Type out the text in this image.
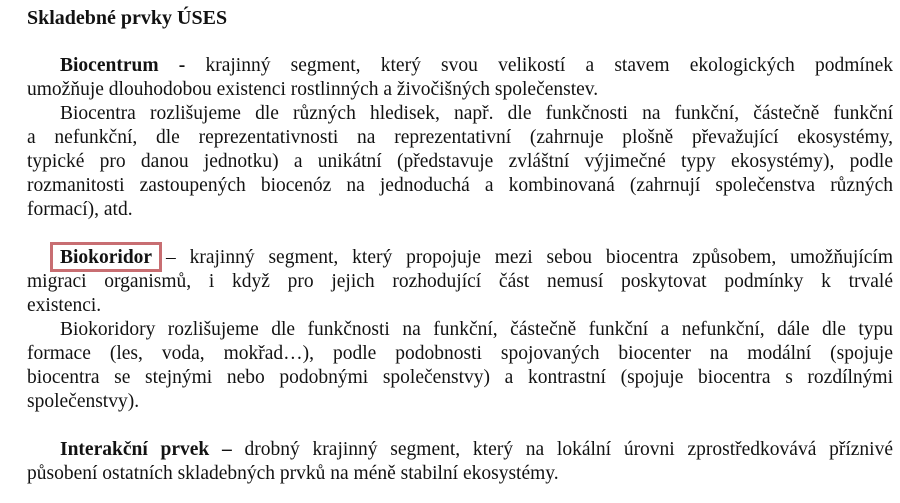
Skladebné prvky ÚSES
Biocentrum - krajinný segment, který svou velikostí a stavem ekologických podmínek
umožňuje dlouhodobou existenci rostlinných a živočišných společenstev.
Biocentra rozlišujeme dle různých hledisek, např. dle funkčnosti na funkční, částečně funkční
a nefunkční, dle reprezentativnosti na reprezentativní (zahrnuje plošně převažující ekosystémy,
typické pro danou jednotku) a unikátní (představuje zvláštní výjimečné typy ekosystémy), podle
rozmanitosti zastoupených biocenóz na jednoduchá a kombinovaná (zahrnují společenstva různých
formací), atd.
Biokoridor – krajinný segment, který propojuje mezi sebou biocentra způsobem, umožňujícím
migraci organismů, i když pro jejich rozhodující část nemusí poskytovat podmínky k trvalé
existenci.
Biokoridory rozlišujeme dle funkčnosti na funkční, částečně funkční a nefunkční, dále dle typu
formace (les, voda, mokřad…), podle podobnosti spojovaných biocenter na modální (spojuje
biocentra se stejnými nebo podobnými společenstvy) a kontrastní (spojuje biocentra s rozdílnými
společenstvy).
Interakční prvek – drobný krajinný segment, který na lokální úrovni zprostředkovává příznivé
působení ostatních skladebných prvků na méně stabilní ekosystémy.
